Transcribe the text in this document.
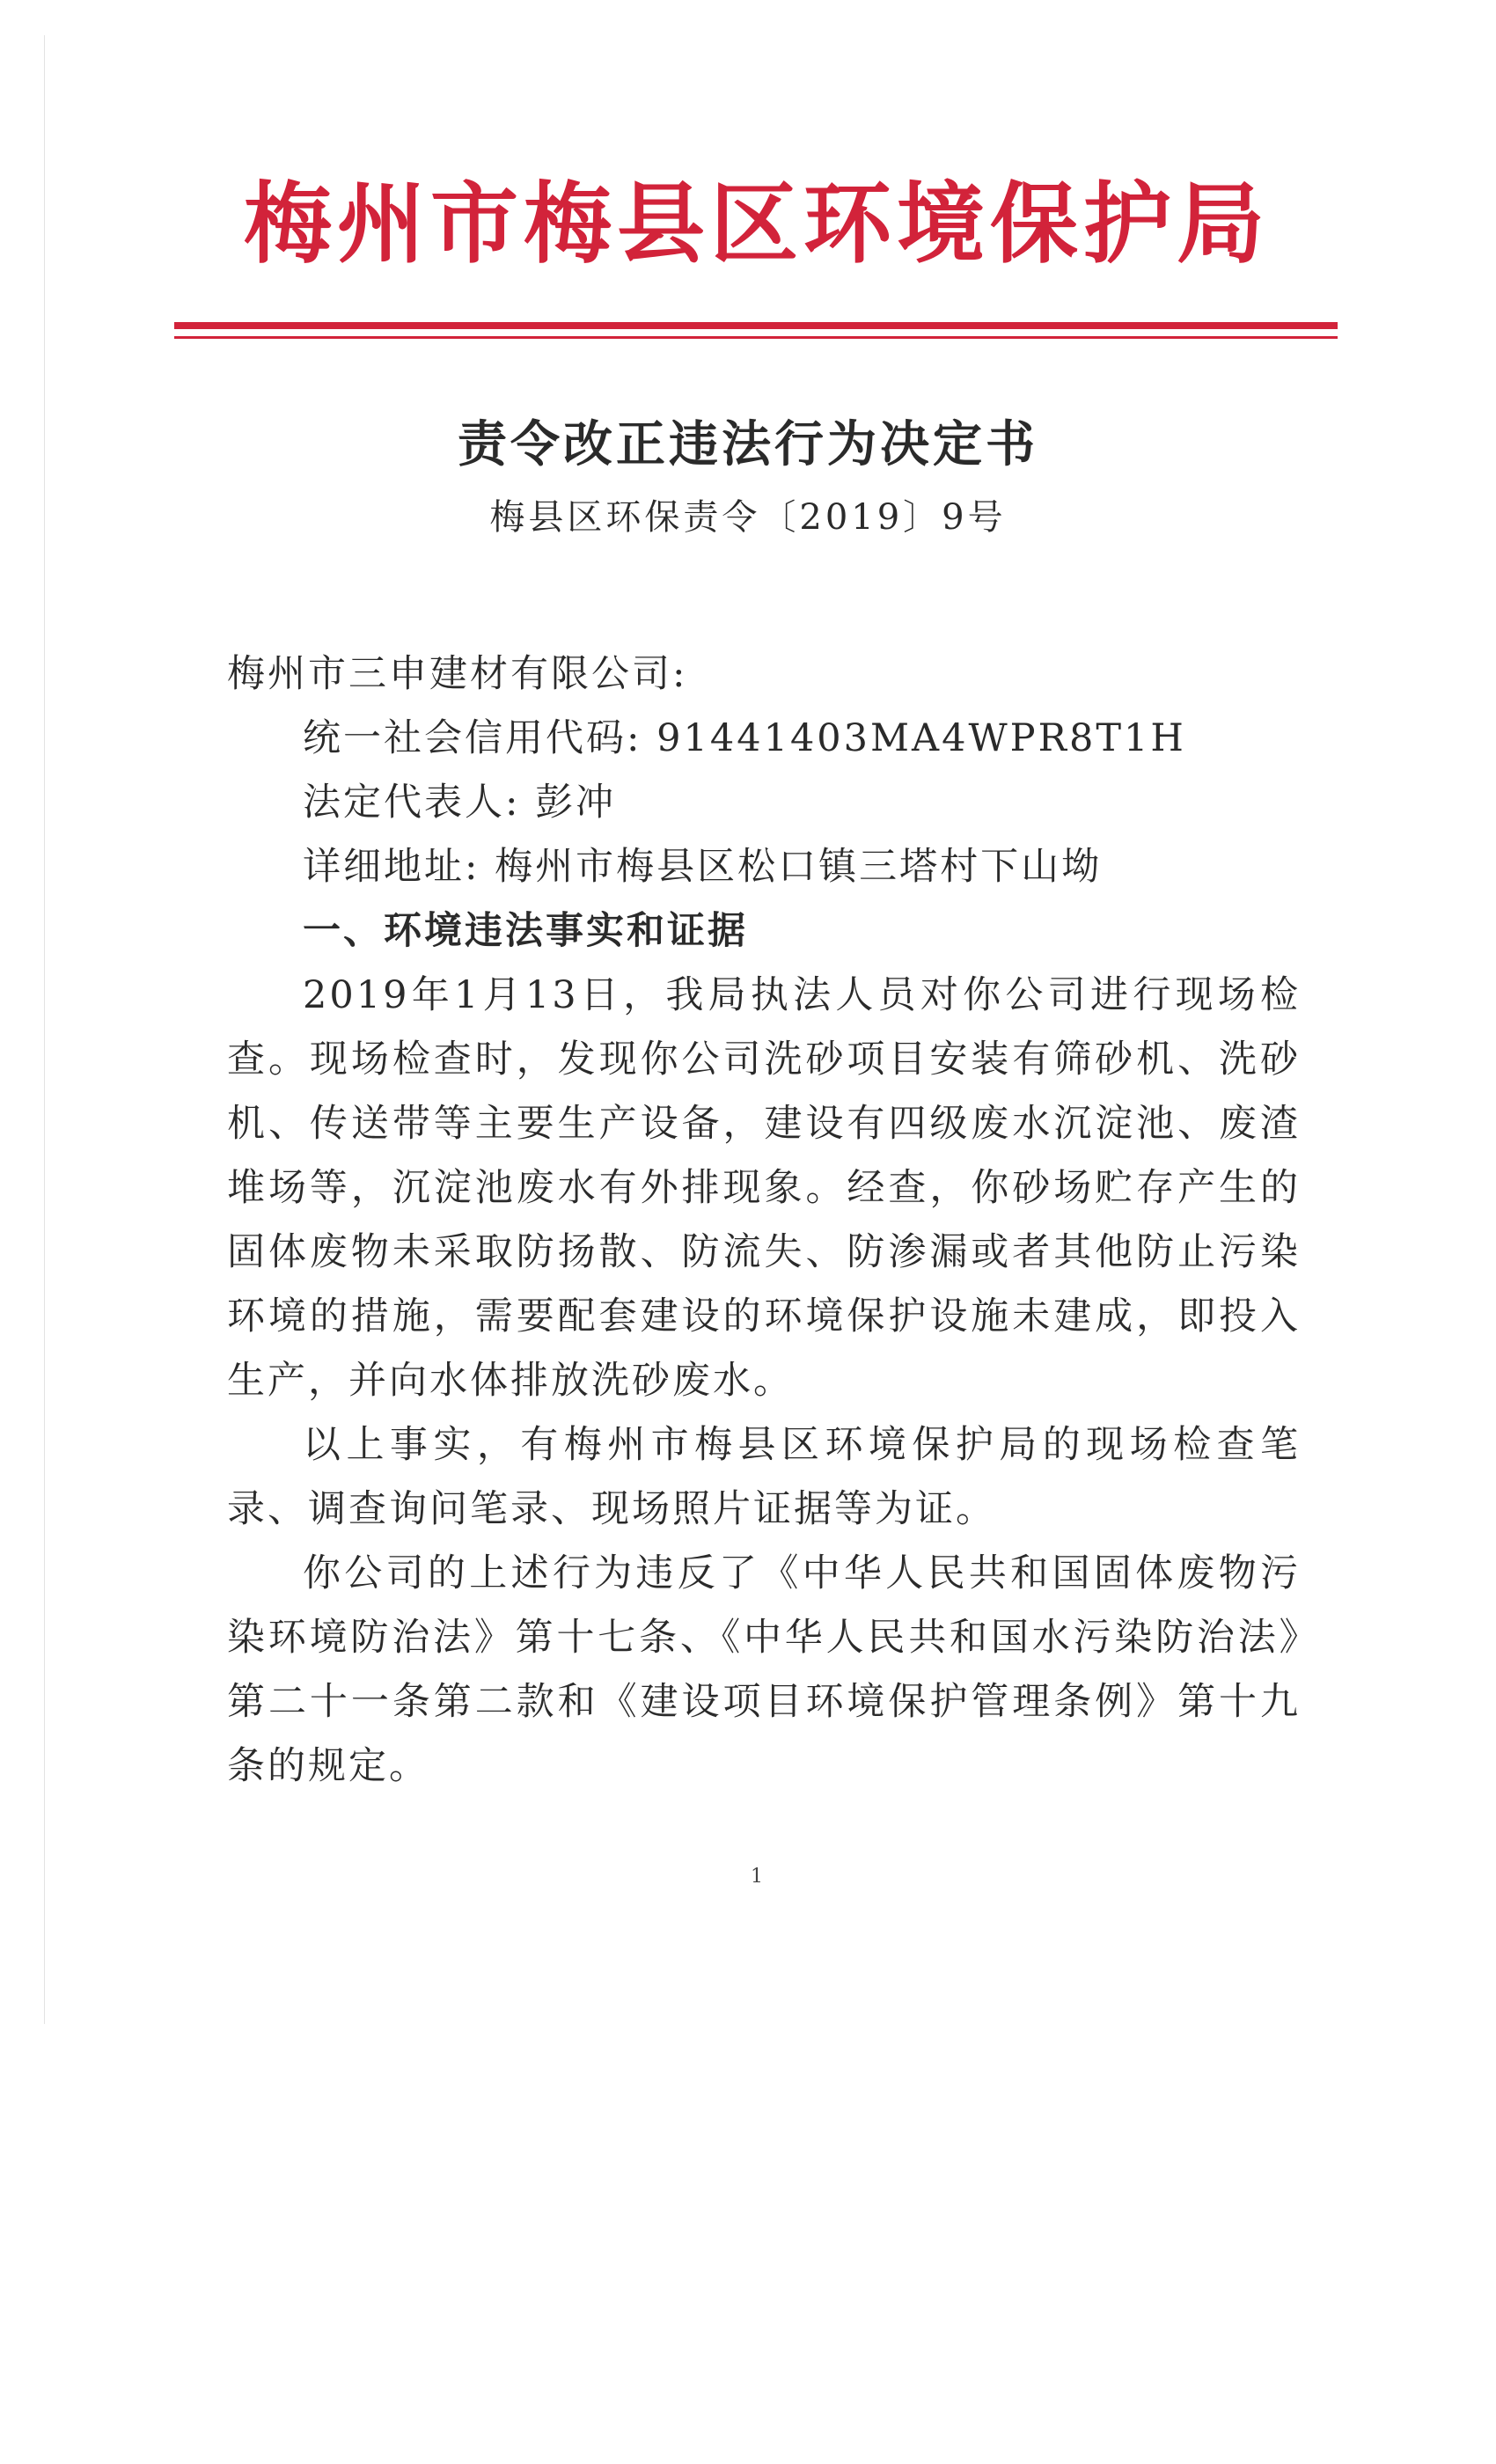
梅州市梅县区环境保护局
责令改正违法行为决定书
梅县区环保责令〔2019〕9号

梅州市三申建材有限公司:

统一社会信用代码: 91441403MA4WPR8T1H

法定代表人: 彭冲

详细地址: 梅州市梅县区松口镇三塔村下山坳

一、环境违法事实和证据

2019年1月13日，我局执法人员对你公司进行现场检查。现场检查时，发现你公司洗砂项目安装有筛砂机、洗砂机、传送带等主要生产设备，建设有四级废水沉淀池、废渣堆场等，沉淀池废水有外排现象。经查，你砂场贮存产生的固体废物未采取防扬散、防流失、防渗漏或者其他防止污染环境的措施，需要配套建设的环境保护设施未建成，即投入生产，并向水体排放洗砂废水。

以上事实，有梅州市梅县区环境保护局的现场检查笔录、调查询问笔录、现场照片证据等为证。

你公司的上述行为违反了《中华人民共和国固体废物污染环境防治法》第十七条、《中华人民共和国水污染防治法》第二十一条第二款和《建设项目环境保护管理条例》第十九条的规定。

1
